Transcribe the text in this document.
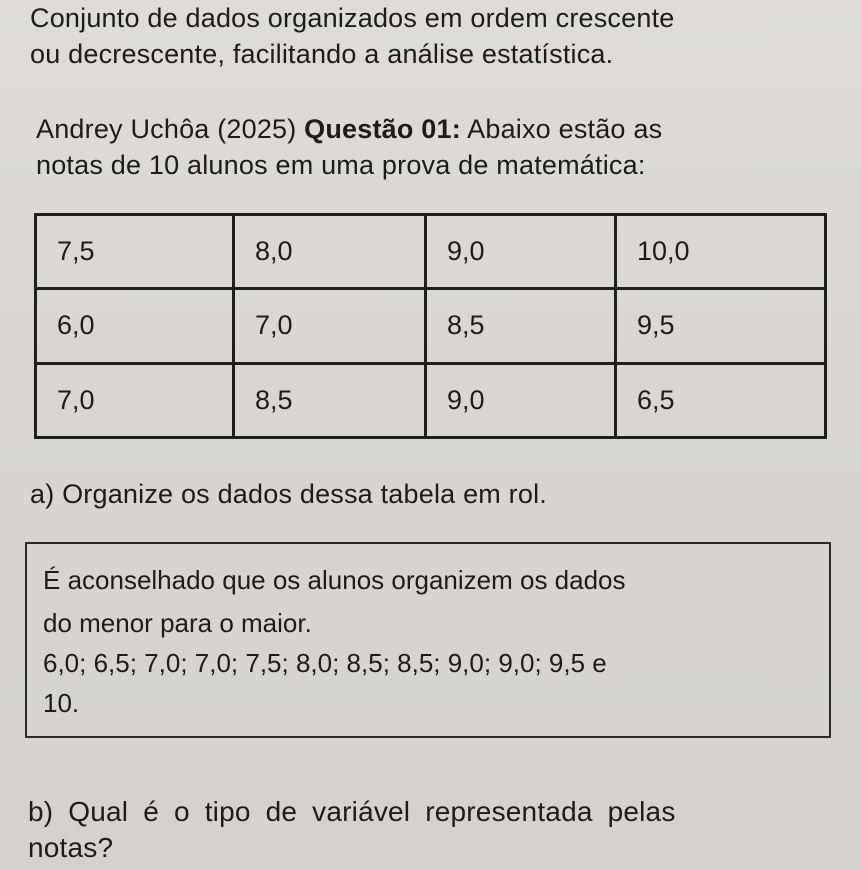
Conjunto de dados organizados em ordem crescente
ou decrescente, facilitando a análise estatística.
Andrey Uchôa (2025) Questão 01: Abaixo estão as
notas de 10 alunos em uma prova de matemática:
7,5	8,0	9,0	10,0
6,0	7,0	8,5	9,5
7,0	8,5	9,0	6,5
a) Organize os dados dessa tabela em rol.
É aconselhado que os alunos organizem os dados
do menor para o maior.
6,0; 6,5; 7,0; 7,0; 7,5; 8,0; 8,5; 8,5; 9,0; 9,0; 9,5 e
10.
b) Qual é o tipo de variável representada pelas
notas?
